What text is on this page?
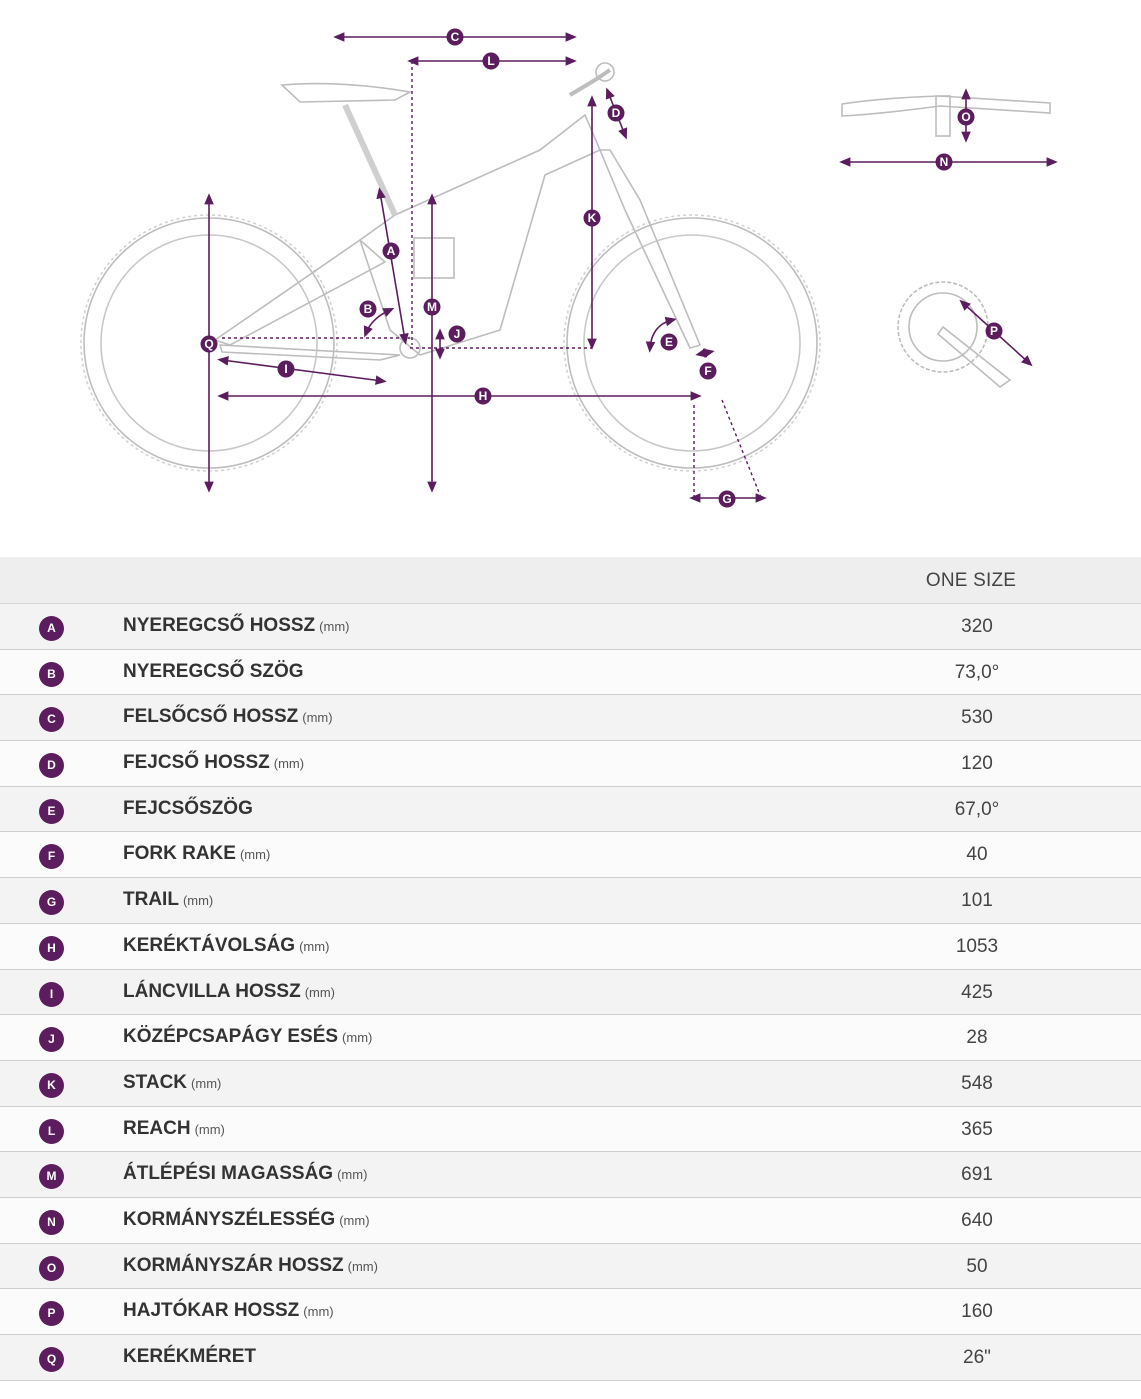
A
B
C
D
E
F
G
H
I
J
K
L
M
N
O
P
Q
ONE SIZE
A	NYEREGCSŐ HOSSZ (mm)	320
B	NYEREGCSŐ SZÖG	73,0°
C	FELSŐCSŐ HOSSZ (mm)	530
D	FEJCSŐ HOSSZ (mm)	120
E	FEJCSŐSZÖG	67,0°
F	FORK RAKE (mm)	40
G	TRAIL (mm)	101
H	KERÉKTÁVOLSÁG (mm)	1053
I	LÁNCVILLA HOSSZ (mm)	425
J	KÖZÉPCSAPÁGY ESÉS (mm)	28
K	STACK (mm)	548
L	REACH (mm)	365
M	ÁTLÉPÉSI MAGASSÁG (mm)	691
N	KORMÁNYSZÉLESSÉG (mm)	640
O	KORMÁNYSZÁR HOSSZ (mm)	50
P	HAJTÓKAR HOSSZ (mm)	160
Q	KERÉKMÉRET	26"
